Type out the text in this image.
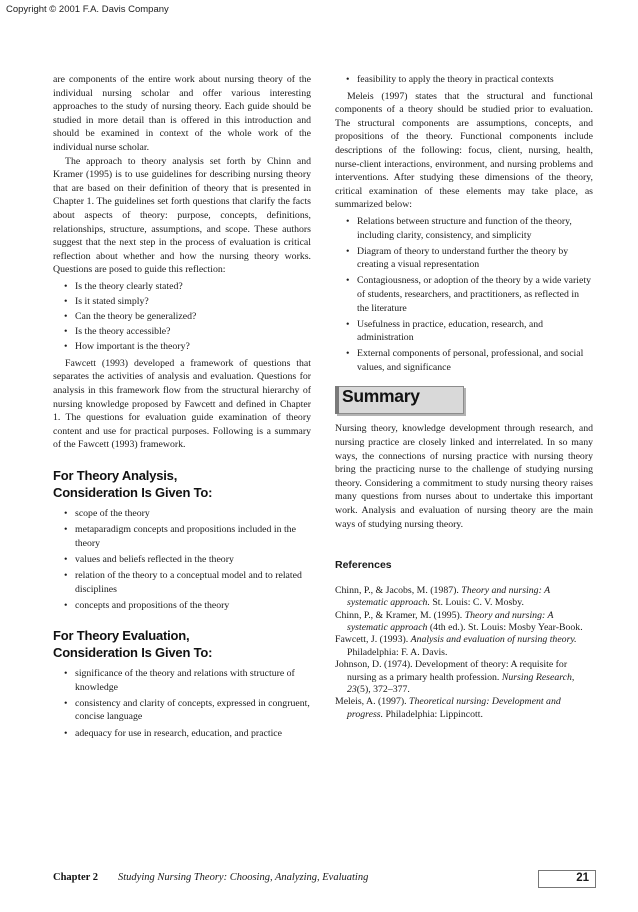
Copyright © 2001 F.A. Davis Company

are components of the entire work about nursing theory of the individual nursing scholar and offer various interesting approaches to the study of nursing theory. Each guide should be studied in more detail than is offered in this introduction and should be examined in context of the whole work of the individual nurse scholar.

The approach to theory analysis set forth by Chinn and Kramer (1995) is to use guidelines for describing nursing theory that are based on their definition of theory that is presented in Chapter 1. The guidelines set forth questions that clarify the facts about aspects of theory: purpose, concepts, definitions, relationships, structure, assumptions, and scope. These authors suggest that the next step in the process of evaluation is critical reflection about whether and how the nursing theory works. Questions are posed to guide this reflection:

• Is the theory clearly stated?
• Is it stated simply?
• Can the theory be generalized?
• Is the theory accessible?
• How important is the theory?

Fawcett (1993) developed a framework of questions that separates the activities of analysis and evaluation. Questions for analysis in this framework flow from the structural hierarchy of nursing knowledge proposed by Fawcett and defined in Chapter 1. The questions for evaluation guide examination of theory content and use for practical purposes. Following is a summary of the Fawcett (1993) framework.

For Theory Analysis,
Consideration Is Given To:
• scope of the theory
• metaparadigm concepts and propositions included in the theory
• values and beliefs reflected in the theory
• relation of the theory to a conceptual model and to related disciplines
• concepts and propositions of the theory
For Theory Evaluation,
Consideration Is Given To:
• significance of the theory and relations with structure of knowledge
• consistency and clarity of concepts, expressed in congruent, concise language
• adequacy for use in research, education, and practice
• feasibility to apply the theory in practical contexts

Meleis (1997) states that the structural and functional components of a theory should be studied prior to evaluation. The structural components are assumptions, concepts, and propositions of the theory. Functional components include descriptions of the following: focus, client, nursing, health, nurse-client interactions, environment, and nursing problems and interventions. After studying these dimensions of the theory, critical examination of these elements may take place, as summarized below:

• Relations between structure and function of the theory, including clarity, consistency, and simplicity
• Diagram of theory to understand further the theory by creating a visual representation
• Contagiousness, or adoption of the theory by a wide variety of students, researchers, and practitioners, as reflected in the literature
• Usefulness in practice, education, research, and administration
• External components of personal, professional, and social values, and significance
Summary

Nursing theory, knowledge development through research, and nursing practice are closely linked and interrelated. In so many ways, the connections of nursing practice with nursing theory bring the practicing nurse to the challenge of studying nursing theory. Considering a commitment to study nursing theory raises many questions from nurses about to undertake this important work. Analysis and evaluation of nursing theory are the main ways of studying nursing theory.

References
Chinn, P., & Jacobs, M. (1987). Theory and nursing: A systematic approach. St. Louis: C. V. Mosby.
Chinn, P., & Kramer, M. (1995). Theory and nursing: A systematic approach (4th ed.). St. Louis: Mosby Year-Book.
Fawcett, J. (1993). Analysis and evaluation of nursing theory. Philadelphia: F. A. Davis.
Johnson, D. (1974). Development of theory: A requisite for nursing as a primary health profession. Nursing Research, 23(5), 372–377.
Meleis, A. (1997). Theoretical nursing: Development and progress. Philadelphia: Lippincott.
Chapter 2 Studying Nursing Theory: Choosing, Analyzing, Evaluating	21
